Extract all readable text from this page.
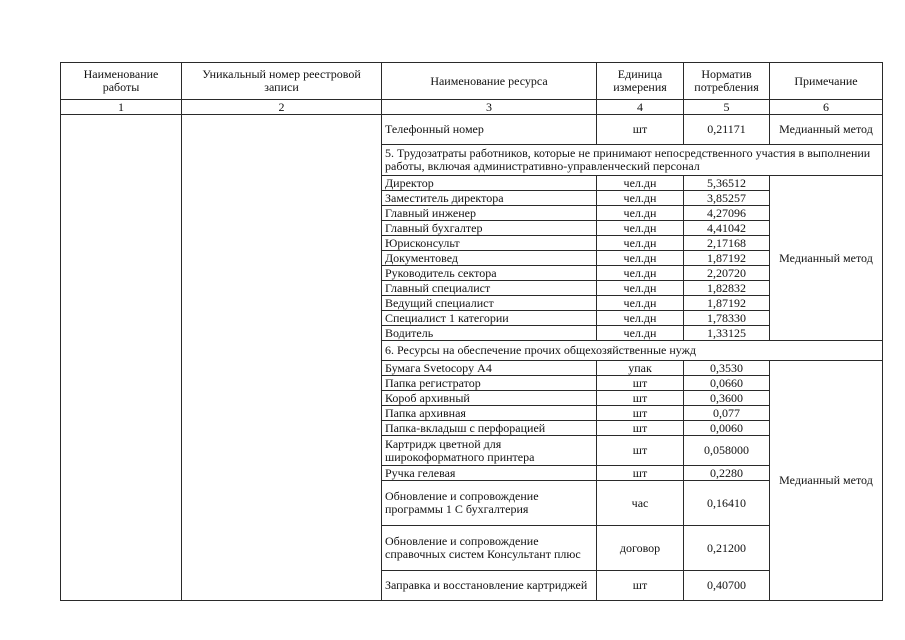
Наименование работы	Уникальный номер реестровой записи	Наименование ресурса	Единица измерения	Норматив потребления	Примечание	
1	2	3	4	5	6	
		Телефонный номер	шт	0,21171	Медианный метод	
		5. Трудозатраты работников, которые не принимают непосредственного участия в выполнении работы, включая административно-управленческий персонал				
		Директор	чел.дн	5,36512	Медианный метод	
		Заместитель директора	чел.дн	3,85257		
		Главный инженер	чел.дн	4,27096		
		Главный бухгалтер	чел.дн	4,41042		
		Юрисконсульт	чел.дн	2,17168		
		Документовед	чел.дн	1,87192		
		Руководитель сектора	чел.дн	2,20720		
		Главный специалист	чел.дн	1,82832		
		Ведущий специалист	чел.дн	1,87192		
		Специалист 1 категории	чел.дн	1,78330		
		Водитель	чел.дн	1,33125		
		6. Ресурсы на обеспечение прочих общехозяйственные нужд				
		Бумага Svetocopy А4	упак	0,3530	Медианный метод	
		Папка регистратор	шт	0,0660		
		Короб архивный	шт	0,3600		
		Папка архивная	шт	0,077		
		Папка-вкладыш с перфорацией	шт	0,0060		
		Картридж цветной для широкоформатного принтера	шт	0,058000		
		Ручка гелевая	шт	0,2280		
		Обновление и сопровождение программы 1 С бухгалтерия	час	0,16410		
		Обновление и сопровождение справочных систем Консультант плюс	договор	0,21200		
		Заправка и восстановление картриджей	шт	0,40700		
